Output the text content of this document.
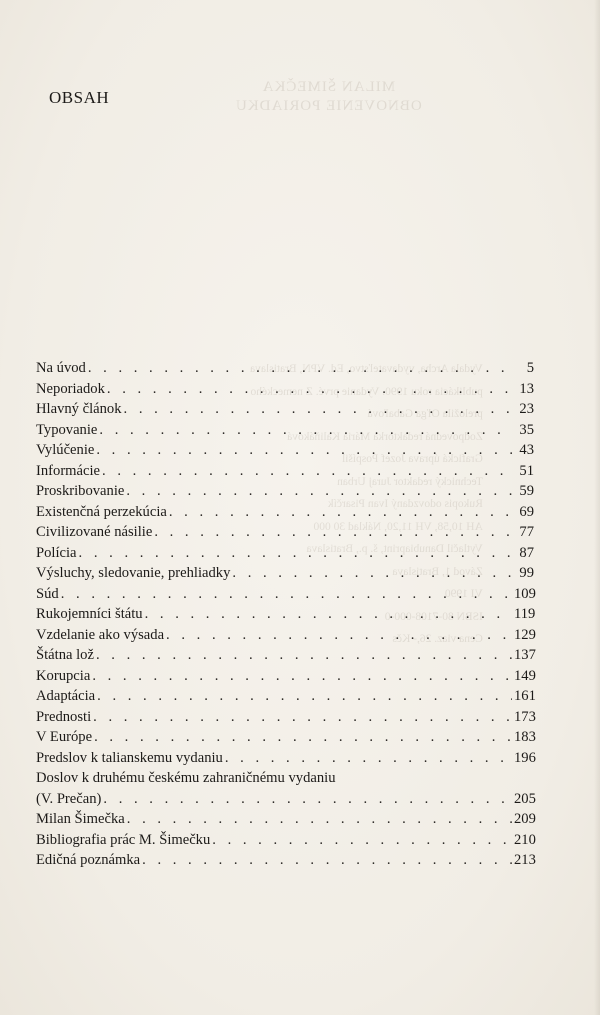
MILAN ŠIMEČKA
OBNOVENIE PORIADKU
Vydala Archa, vydavateľstvo, Ed. VPN, Bratislava
publikácia roku 1990. Vydanie prvé. Z nemeckého
preložila Oľga Gabaľová
Zodpovedná redaktorka Mária Kaliňáková
Grafická úprava Jozef Pospíšil
Technický redaktor Juraj Urban
Rukopis odovzdaný Ivan Pisarčík
AH 10,58, VH 11,20, Náklad 30 000
Vytlačil Danubiaprint, š. p., Bratislava
Závod 1, Bratislava
VI 1990
ISBN 80-7108-000-0
Cena viaz. 26,- Kčs
OBSAH
Na úvod . . .	5
Neporiadok . . .	13
Hlavný článok . . .	23
Typovanie . . .	35
Vylúčenie . . .	43
Informácie . . .	51
Proskribovanie . . .	59
Existenčná perzekúcia . . .	69
Civilizované násilie . . .	77
Polícia . . .	87
Výsluchy, sledovanie, prehliadky . . .	99
Súd . . .	109
Rukojemníci štátu . . .	119
Vzdelanie ako výsada . . .	129
Štátna lož . . .	137
Korupcia . . .	149
Adaptácia . . .	161
Prednosti . . .	173
V Európe . . .	183
Predslov k talianskemu vydaniu . . .	196
Doslov k druhému českému zahraničnému vydaniu
(V. Prečan) . . .	205
Milan Šimečka . . .	209
Bibliografia prác M. Šimečku . . .	210
Edičná poznámka . . .	213
